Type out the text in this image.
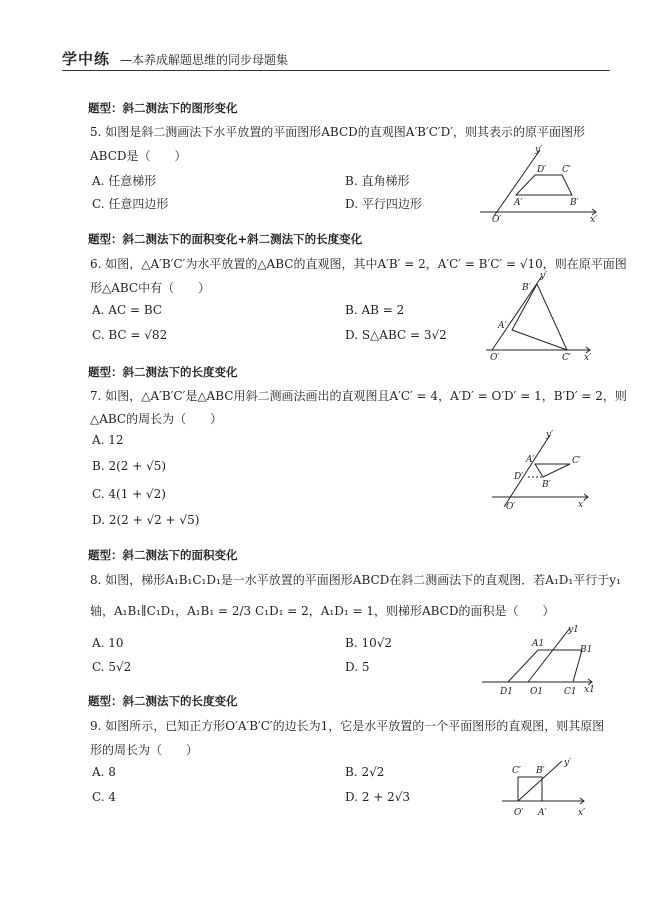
学中练 —本养成解题思维的同步母题集
题型：斜二测法下的图形变化
5. 如图是斜二测画法下水平放置的平面图形ABCD的直观图A′B′C′D′，则其表示的原平面图形
ABCD是（　　）
A. 任意梯形	B. 直角梯形
C. 任意四边形	D. 平行四边形
y′
x′
O′
A′	B′
C′
D′
题型：斜二测法下的面积变化+斜二测法下的长度变化
6. 如图，△A′B′C′为水平放置的△ABC的直观图，其中A′B′ = 2，A′C′ = B′C′ = √10，则在原平面图
形△ABC中有（　　）
A. AC = BC	B. AB = 2
C. BC = √82	D. S△ABC = 3√2
y′
x′
O′
A′
B′
C′
题型：斜二测法下的长度变化
7. 如图，△A′B′C′是△ABC用斜二测画法画出的直观图且A′C′ = 4，A′D′ = O′D′ = 1，B′D′ = 2，则
△ABC的周长为（　　）
A. 12
B. 2(2 + √5)
C. 4(1 + √2)
D. 2(2 + √2 + √5)
y′
x′
O′
A′
B′
C′
D′
题型：斜二测法下的面积变化
8. 如图，梯形A₁B₁C₁D₁是一水平放置的平面图形ABCD在斜二测画法下的直观图．若A₁D₁平行于y₁
轴，A₁B₁∥C₁D₁，A₁B₁ = 2/3 C₁D₁ = 2，A₁D₁ = 1，则梯形ABCD的面积是（　　）
A. 10	B. 10√2
C. 5√2	D. 5
y1
x1
O1
A1
B1
C1
D1
题型：斜二测法下的长度变化
9. 如图所示，已知正方形O′A′B′C′的边长为1，它是水平放置的一个平面图形的直观图，则其原图
形的周长为（　　）
A. 8	B. 2√2
C. 4	D. 2 + 2√3
y′
x′
O′ A′
B′
C′
